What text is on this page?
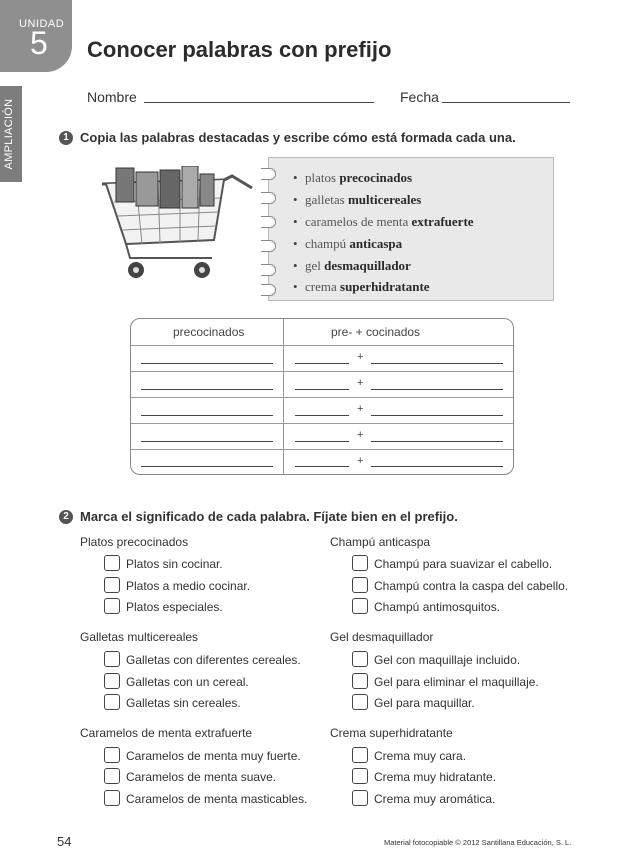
UNIDAD
5 Conocer palabras con prefijo
AMPLIACIÓN
Nombre	Fecha
1 Copia las palabras destacadas y escribe cómo está formada cada una.
• platos precocinados
• galletas multicereales
• caramelos de menta extrafuerte
• champú anticaspa
• gel desmaquillador
• crema superhidratante
precocinados	pre- + cocinados
+
+
+
+
+
2 Marca el significado de cada palabra. Fíjate bien en el prefijo.
Platos precocinados
Platos sin cocinar.
Platos a medio cocinar.
Platos especiales.
Champú anticaspa
Champú para suavizar el cabello.
Champú contra la caspa del cabello.
Champú antimosquitos.
Galletas multicereales
Galletas con diferentes cereales.
Galletas con un cereal.
Galletas sin cereales.
Gel desmaquillador
Gel con maquillaje incluido.
Gel para eliminar el maquillaje.
Gel para maquillar.
Caramelos de menta extrafuerte
Caramelos de menta muy fuerte.
Caramelos de menta suave.
Caramelos de menta masticables.
Crema superhidratante
Crema muy cara.
Crema muy hidratante.
Crema muy aromática.
54	Material fotocopiable © 2012 Santillana Educación, S. L.
